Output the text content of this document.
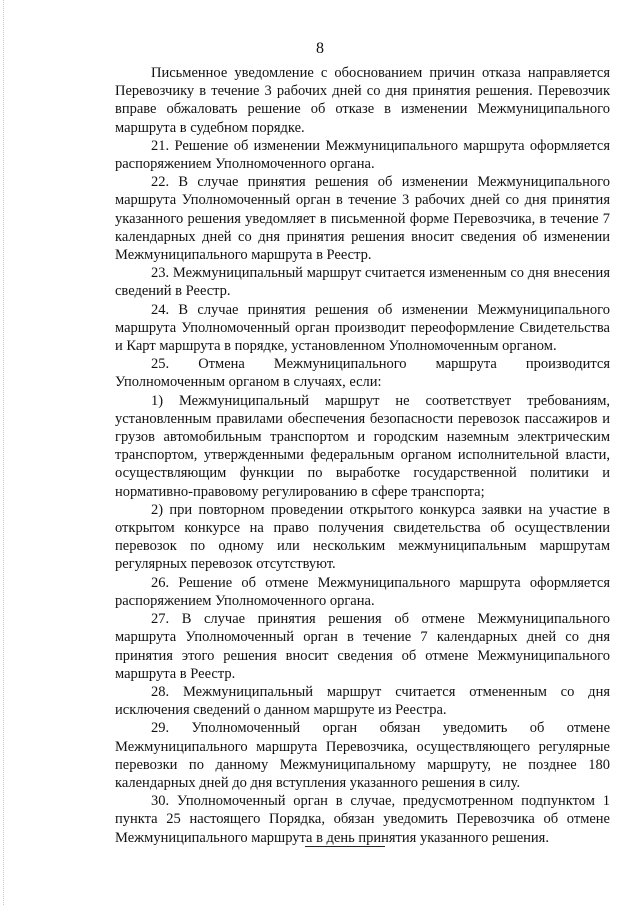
8

Письменное уведомление с обоснованием причин отказа направляется Перевозчику в течение 3 рабочих дней со дня принятия решения. Перевозчик вправе обжаловать решение об отказе в изменении Межмуниципального маршрута в судебном порядке.

21. Решение об изменении Межмуниципального маршрута оформляется распоряжением Уполномоченного органа.

22. В случае принятия решения об изменении Межмуниципального маршрута Уполномоченный орган в течение 3 рабочих дней со дня принятия указанного решения уведомляет в письменной форме Перевозчика, в течение 7 календарных дней со дня принятия решения вносит сведения об изменении Межмуниципального маршрута в Реестр.

23. Межмуниципальный маршрут считается измененным со дня внесения сведений в Реестр.

24. В случае принятия решения об изменении Межмуниципального маршрута Уполномоченный орган производит переоформление Свидетельства и Карт маршрута в порядке, установленном Уполномоченным органом.

25. Отмена Межмуниципального маршрута производится Уполномоченным органом в случаях, если:

1) Межмуниципальный маршрут не соответствует требованиям, установленным правилами обеспечения безопасности перевозок пассажиров и грузов автомобильным транспортом и городским наземным электрическим транспортом, утвержденными федеральным органом исполнительной власти, осуществляющим функции по выработке государственной политики и нормативно-правовому регулированию в сфере транспорта;

2) при повторном проведении открытого конкурса заявки на участие в открытом конкурсе на право получения свидетельства об осуществлении перевозок по одному или нескольким межмуниципальным маршрутам регулярных перевозок отсутствуют.

26. Решение об отмене Межмуниципального маршрута оформляется распоряжением Уполномоченного органа.

27. В случае принятия решения об отмене Межмуниципального маршрута Уполномоченный орган в течение 7 календарных дней со дня принятия этого решения вносит сведения об отмене Межмуниципального маршрута в Реестр.

28. Межмуниципальный маршрут считается отмененным со дня исключения сведений о данном маршруте из Реестра.

29. Уполномоченный орган обязан уведомить об отмене Межмуниципального маршрута Перевозчика, осуществляющего регулярные перевозки по данному Межмуниципальному маршруту, не позднее 180 календарных дней до дня вступления указанного решения в силу.

30. Уполномоченный орган в случае, предусмотренном подпунктом 1 пункта 25 настоящего Порядка, обязан уведомить Перевозчика об отмене Межмуниципального маршрута в день принятия указанного решения.
